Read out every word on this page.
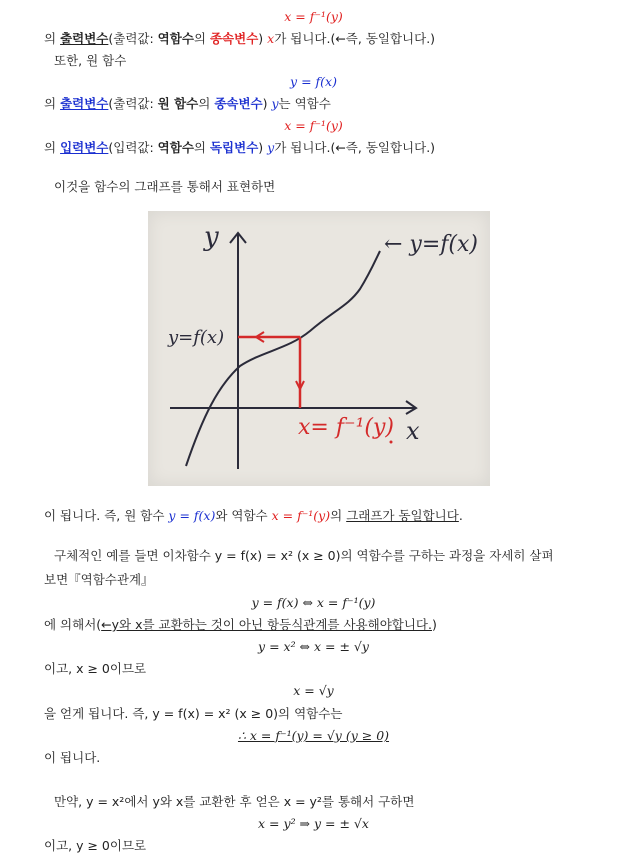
x = f⁻¹(y)
의 출력변수(출력값: 역함수의 종속변수) x가 됩니다.(←즉, 동일합니다.)
또한, 원 함수
y = f(x)
의 출력변수(출력값: 원 함수의 종속변수) y는 역함수
x = f⁻¹(y)
의 입력변수(입력값: 역함수의 독립변수) y가 됩니다.(←즉, 동일합니다.)
이것을 함수의 그래프를 통해서 표현하면
y
x
← y=f(x)
y=f(x)
x= f⁻¹(y)
이 됩니다. 즉, 원 함수 y = f(x)와 역함수 x = f⁻¹(y)의 그래프가 동일합니다.
구체적인 예를 들면 이차함수 y = f(x) = x² (x ≥ 0)의 역함수를 구하는 과정을 자세히 살펴
보면『역함수관계』
y = f(x) ⇔ x = f⁻¹(y)
에 의해서(←y와 x를 교환하는 것이 아닌 항등식관계를 사용해야합니다.)
y = x² ⇔ x = ± √y
이고, x ≥ 0이므로
x = √y
을 얻게 됩니다. 즉, y = f(x) = x² (x ≥ 0)의 역함수는
∴ x = f⁻¹(y) = √y (y ≥ 0)
이 됩니다.
만약, y = x²에서 y와 x를 교환한 후 얻은 x = y²를 통해서 구하면
x = y² ⇒ y = ± √x
이고, y ≥ 0이므로
